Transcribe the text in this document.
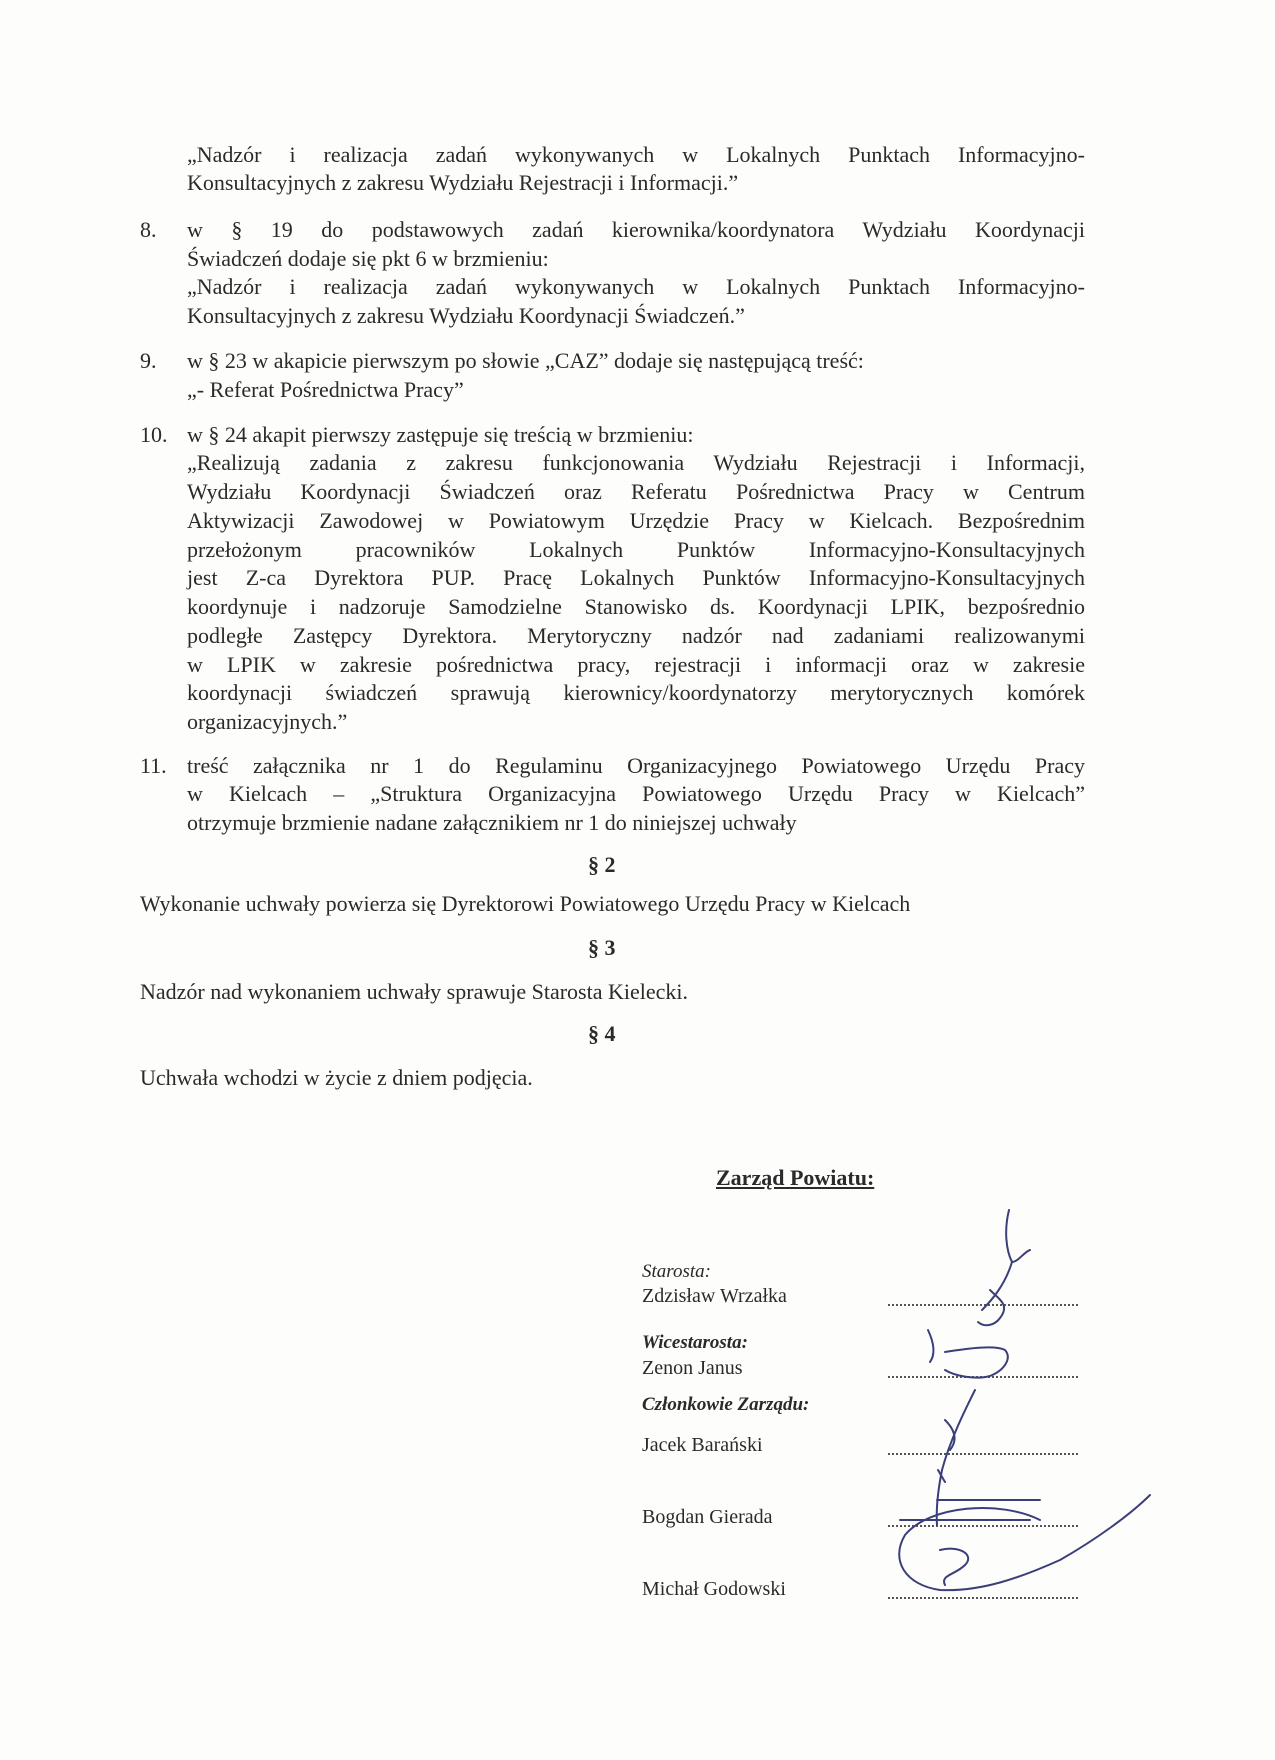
„Nadzór i realizacja zadań wykonywanych w Lokalnych Punktach Informacyjno-
Konsultacyjnych z zakresu Wydziału Rejestracji i Informacji.”
8. w § 19 do podstawowych zadań kierownika/koordynatora Wydziału Koordynacji
Świadczeń dodaje się pkt 6 w brzmieniu:
„Nadzór i realizacja zadań wykonywanych w Lokalnych Punktach Informacyjno-
Konsultacyjnych z zakresu Wydziału Koordynacji Świadczeń.”
9. w § 23 w akapicie pierwszym po słowie „CAZ” dodaje się następującą treść:
„- Referat Pośrednictwa Pracy”
10. w § 24 akapit pierwszy zastępuje się treścią w brzmieniu:
„Realizują zadania z zakresu funkcjonowania Wydziału Rejestracji i Informacji,
Wydziału Koordynacji Świadczeń oraz Referatu Pośrednictwa Pracy w Centrum
Aktywizacji Zawodowej w Powiatowym Urzędzie Pracy w Kielcach. Bezpośrednim
przełożonym pracowników Lokalnych Punktów Informacyjno-Konsultacyjnych
jest Z-ca Dyrektora PUP. Pracę Lokalnych Punktów Informacyjno-Konsultacyjnych
koordynuje i nadzoruje Samodzielne Stanowisko ds. Koordynacji LPIK, bezpośrednio
podległe Zastępcy Dyrektora. Merytoryczny nadzór nad zadaniami realizowanymi
w LPIK w zakresie pośrednictwa pracy, rejestracji i informacji oraz w zakresie
koordynacji świadczeń sprawują kierownicy/koordynatorzy merytorycznych komórek
organizacyjnych.”
11. treść załącznika nr 1 do Regulaminu Organizacyjnego Powiatowego Urzędu Pracy
w Kielcach – „Struktura Organizacyjna Powiatowego Urzędu Pracy w Kielcach”
otrzymuje brzmienie nadane załącznikiem nr 1 do niniejszej uchwały
§ 2
Wykonanie uchwały powierza się Dyrektorowi Powiatowego Urzędu Pracy w Kielcach
§ 3
Nadzór nad wykonaniem uchwały sprawuje Starosta Kielecki.
§ 4
Uchwała wchodzi w życie z dniem podjęcia.
Zarząd Powiatu:
Starosta:
Zdzisław Wrzałka
Wicestarosta:
Zenon Janus
Członkowie Zarządu:
Jacek Barański
Bogdan Gierada
Michał Godowski
